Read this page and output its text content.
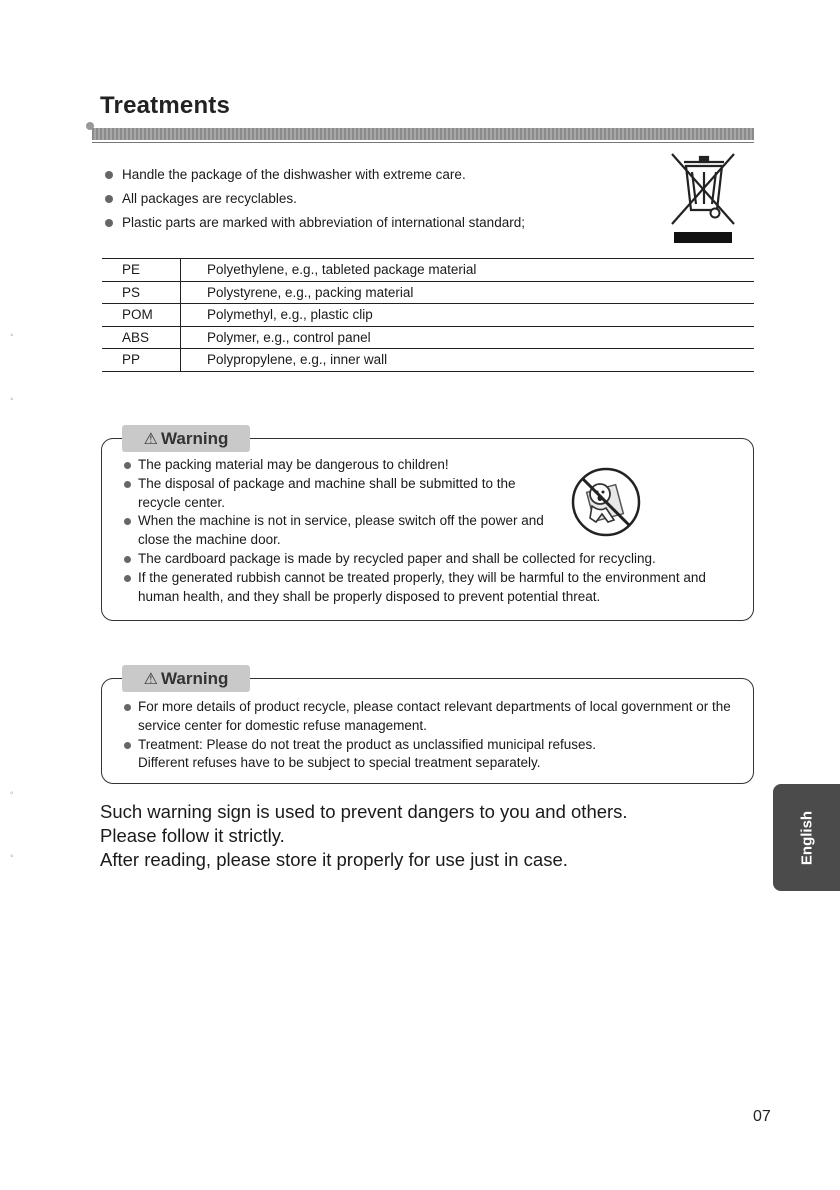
Treatments
Handle the package of the dishwasher with extreme care.
All packages are recyclables.
Plastic parts are marked with abbreviation of international standard;
PE	Polyethylene, e.g., tableted package material
PS	Polystyrene, e.g., packing material
POM	Polymethyl, e.g., plastic clip
ABS	Polymer, e.g., control panel
PP	Polypropylene, e.g., inner wall
⚠ Warning
The packing material may be dangerous to children!
The disposal of package and machine shall be submitted to the recycle center.
When the machine is not in service, please switch off the power and close the machine door.
The cardboard package is made by recycled paper and shall be collected for recycling.
If the generated rubbish cannot be treated properly, they will be harmful to the environment and human health, and they shall be properly disposed to prevent potential threat.
⚠ Warning
For more details of product recycle, please contact relevant departments of local government or the service center for domestic refuse management.
Treatment: Please do not treat the product as unclassified municipal refuses. Different refuses have to be subject to special treatment separately.
Such warning sign is used to prevent dangers to you and others.
Please follow it strictly.
After reading, please store it properly for use just in case.	English
07
◦
◦
◦
◦
